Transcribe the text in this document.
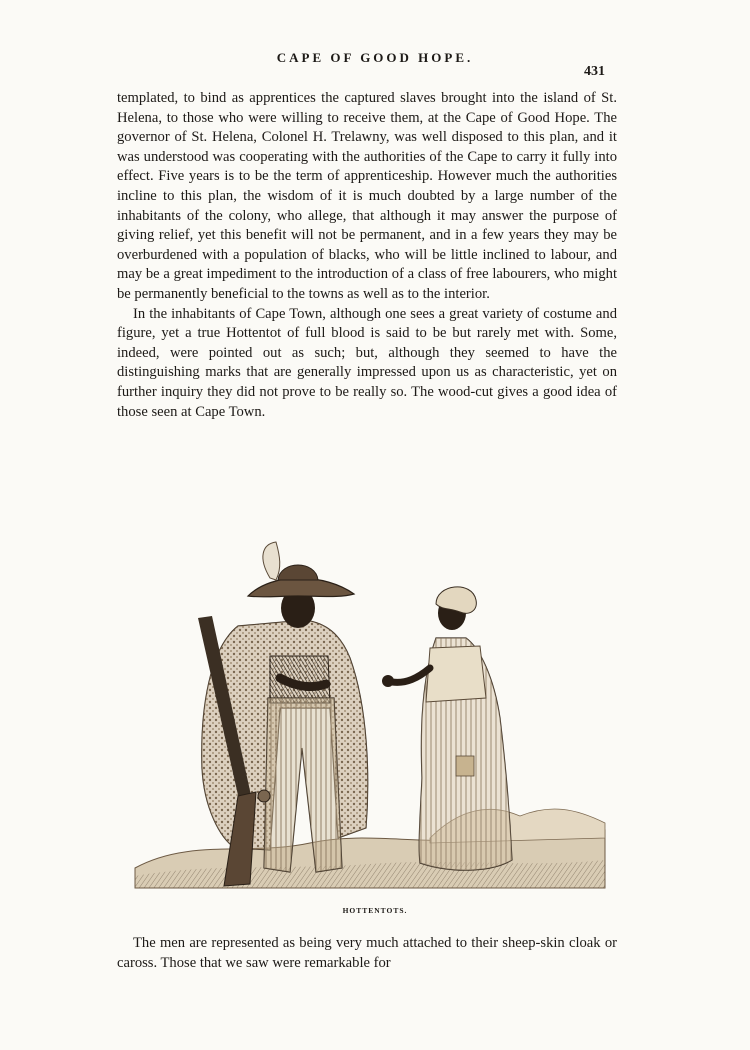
CAPE OF GOOD HOPE.
431

templated, to bind as apprentices the captured slaves brought into the island of St. Helena, to those who were willing to receive them, at the Cape of Good Hope. The governor of St. Helena, Colonel H. Trelawny, was well disposed to this plan, and it was understood was cooperating with the authorities of the Cape to carry it fully into effect. Five years is to be the term of apprenticeship. However much the authorities incline to this plan, the wisdom of it is much doubted by a large number of the inhabitants of the colony, who allege, that although it may answer the purpose of giving relief, yet this benefit will not be permanent, and in a few years they may be overburdened with a population of blacks, who will be little inclined to labour, and may be a great impediment to the introduction of a class of free labourers, who might be permanently beneficial to the towns as well as to the interior.

In the inhabitants of Cape Town, although one sees a great variety of costume and figure, yet a true Hottentot of full blood is said to be but rarely met with. Some, indeed, were pointed out as such; but, although they seemed to have the distinguishing marks that are generally impressed upon us as characteristic, yet on further inquiry they did not prove to be really so. The wood-cut gives a good idea of those seen at Cape Town.

HOTTENTOTS.

The men are represented as being very much attached to their sheep-skin cloak or caross. Those that we saw were remarkable for
